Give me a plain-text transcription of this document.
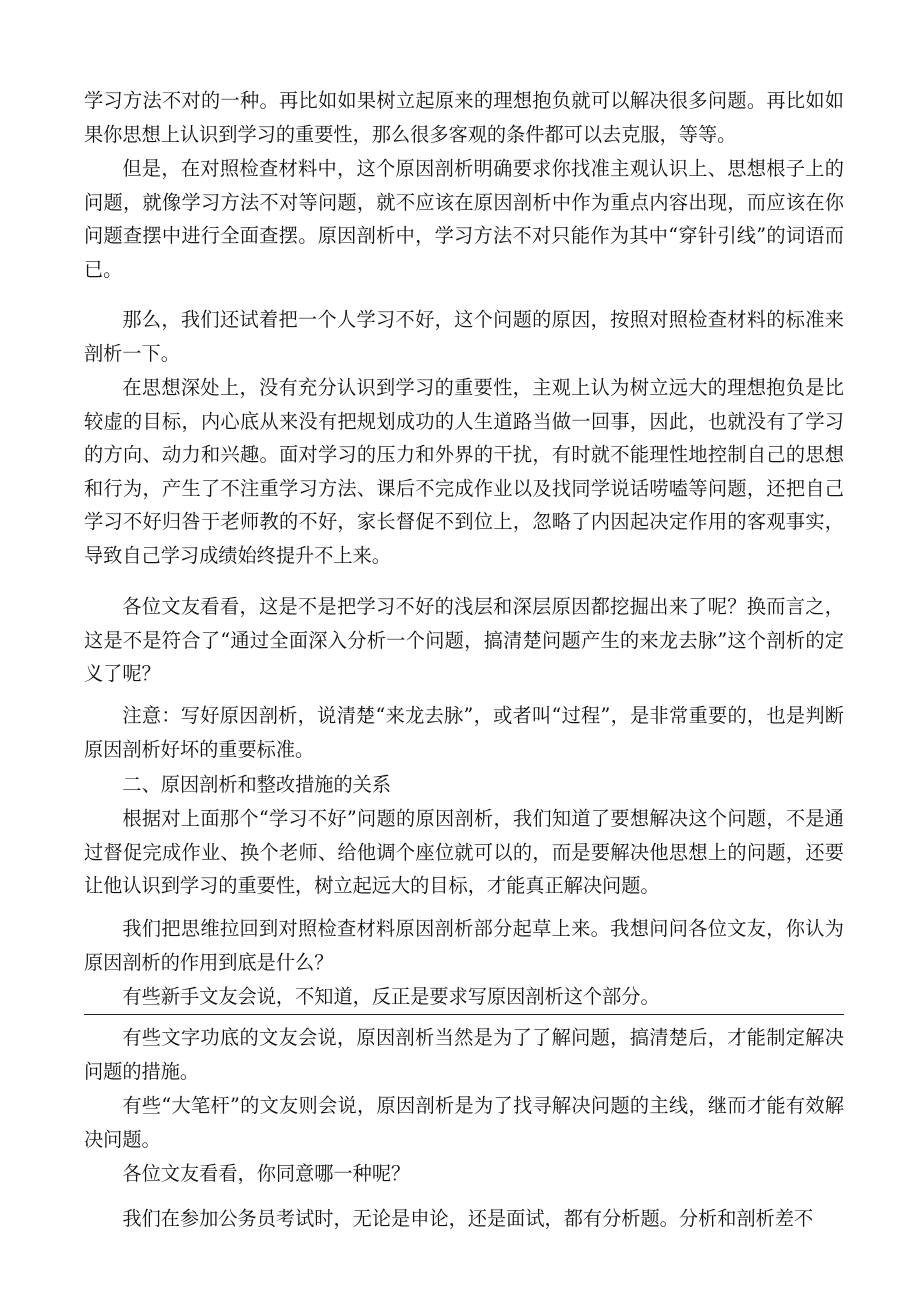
学习方法不对的一种。再比如如果树立起原来的理想抱负就可以解决很多问题。再比如如果你思想上认识到学习的重要性，那么很多客观的条件都可以去克服，等等。

但是，在对照检查材料中，这个原因剖析明确要求你找准主观认识上、思想根子上的问题，就像学习方法不对等问题，就不应该在原因剖析中作为重点内容出现，而应该在你问题查摆中进行全面查摆。原因剖析中，学习方法不对只能作为其中“穿针引线”的词语而已。

那么，我们还试着把一个人学习不好，这个问题的原因，按照对照检查材料的标准来剖析一下。

在思想深处上，没有充分认识到学习的重要性，主观上认为树立远大的理想抱负是比较虚的目标，内心底从来没有把规划成功的人生道路当做一回事，因此，也就没有了学习的方向、动力和兴趣。面对学习的压力和外界的干扰，有时就不能理性地控制自己的思想和行为，产生了不注重学习方法、课后不完成作业以及找同学说话唠嗑等问题，还把自己学习不好归咎于老师教的不好，家长督促不到位上，忽略了内因起决定作用的客观事实，导致自己学习成绩始终提升不上来。

各位文友看看，这是不是把学习不好的浅层和深层原因都挖掘出来了呢？换而言之，这是不是符合了“通过全面深入分析一个问题，搞清楚问题产生的来龙去脉”这个剖析的定义了呢？

注意：写好原因剖析，说清楚“来龙去脉”，或者叫“过程”，是非常重要的，也是判断原因剖析好坏的重要标准。

二、原因剖析和整改措施的关系

根据对上面那个“学习不好”问题的原因剖析，我们知道了要想解决这个问题，不是通过督促完成作业、换个老师、给他调个座位就可以的，而是要解决他思想上的问题，还要让他认识到学习的重要性，树立起远大的目标，才能真正解决问题。

我们把思维拉回到对照检查材料原因剖析部分起草上来。我想问问各位文友，你认为原因剖析的作用到底是什么？

有些新手文友会说，不知道，反正是要求写原因剖析这个部分。

有些文字功底的文友会说，原因剖析当然是为了了解问题，搞清楚后，才能制定解决问题的措施。

有些“大笔杆”的文友则会说，原因剖析是为了找寻解决问题的主线，继而才能有效解决问题。

各位文友看看，你同意哪一种呢？

我们在参加公务员考试时，无论是申论，还是面试，都有分析题。分析和剖析差不
